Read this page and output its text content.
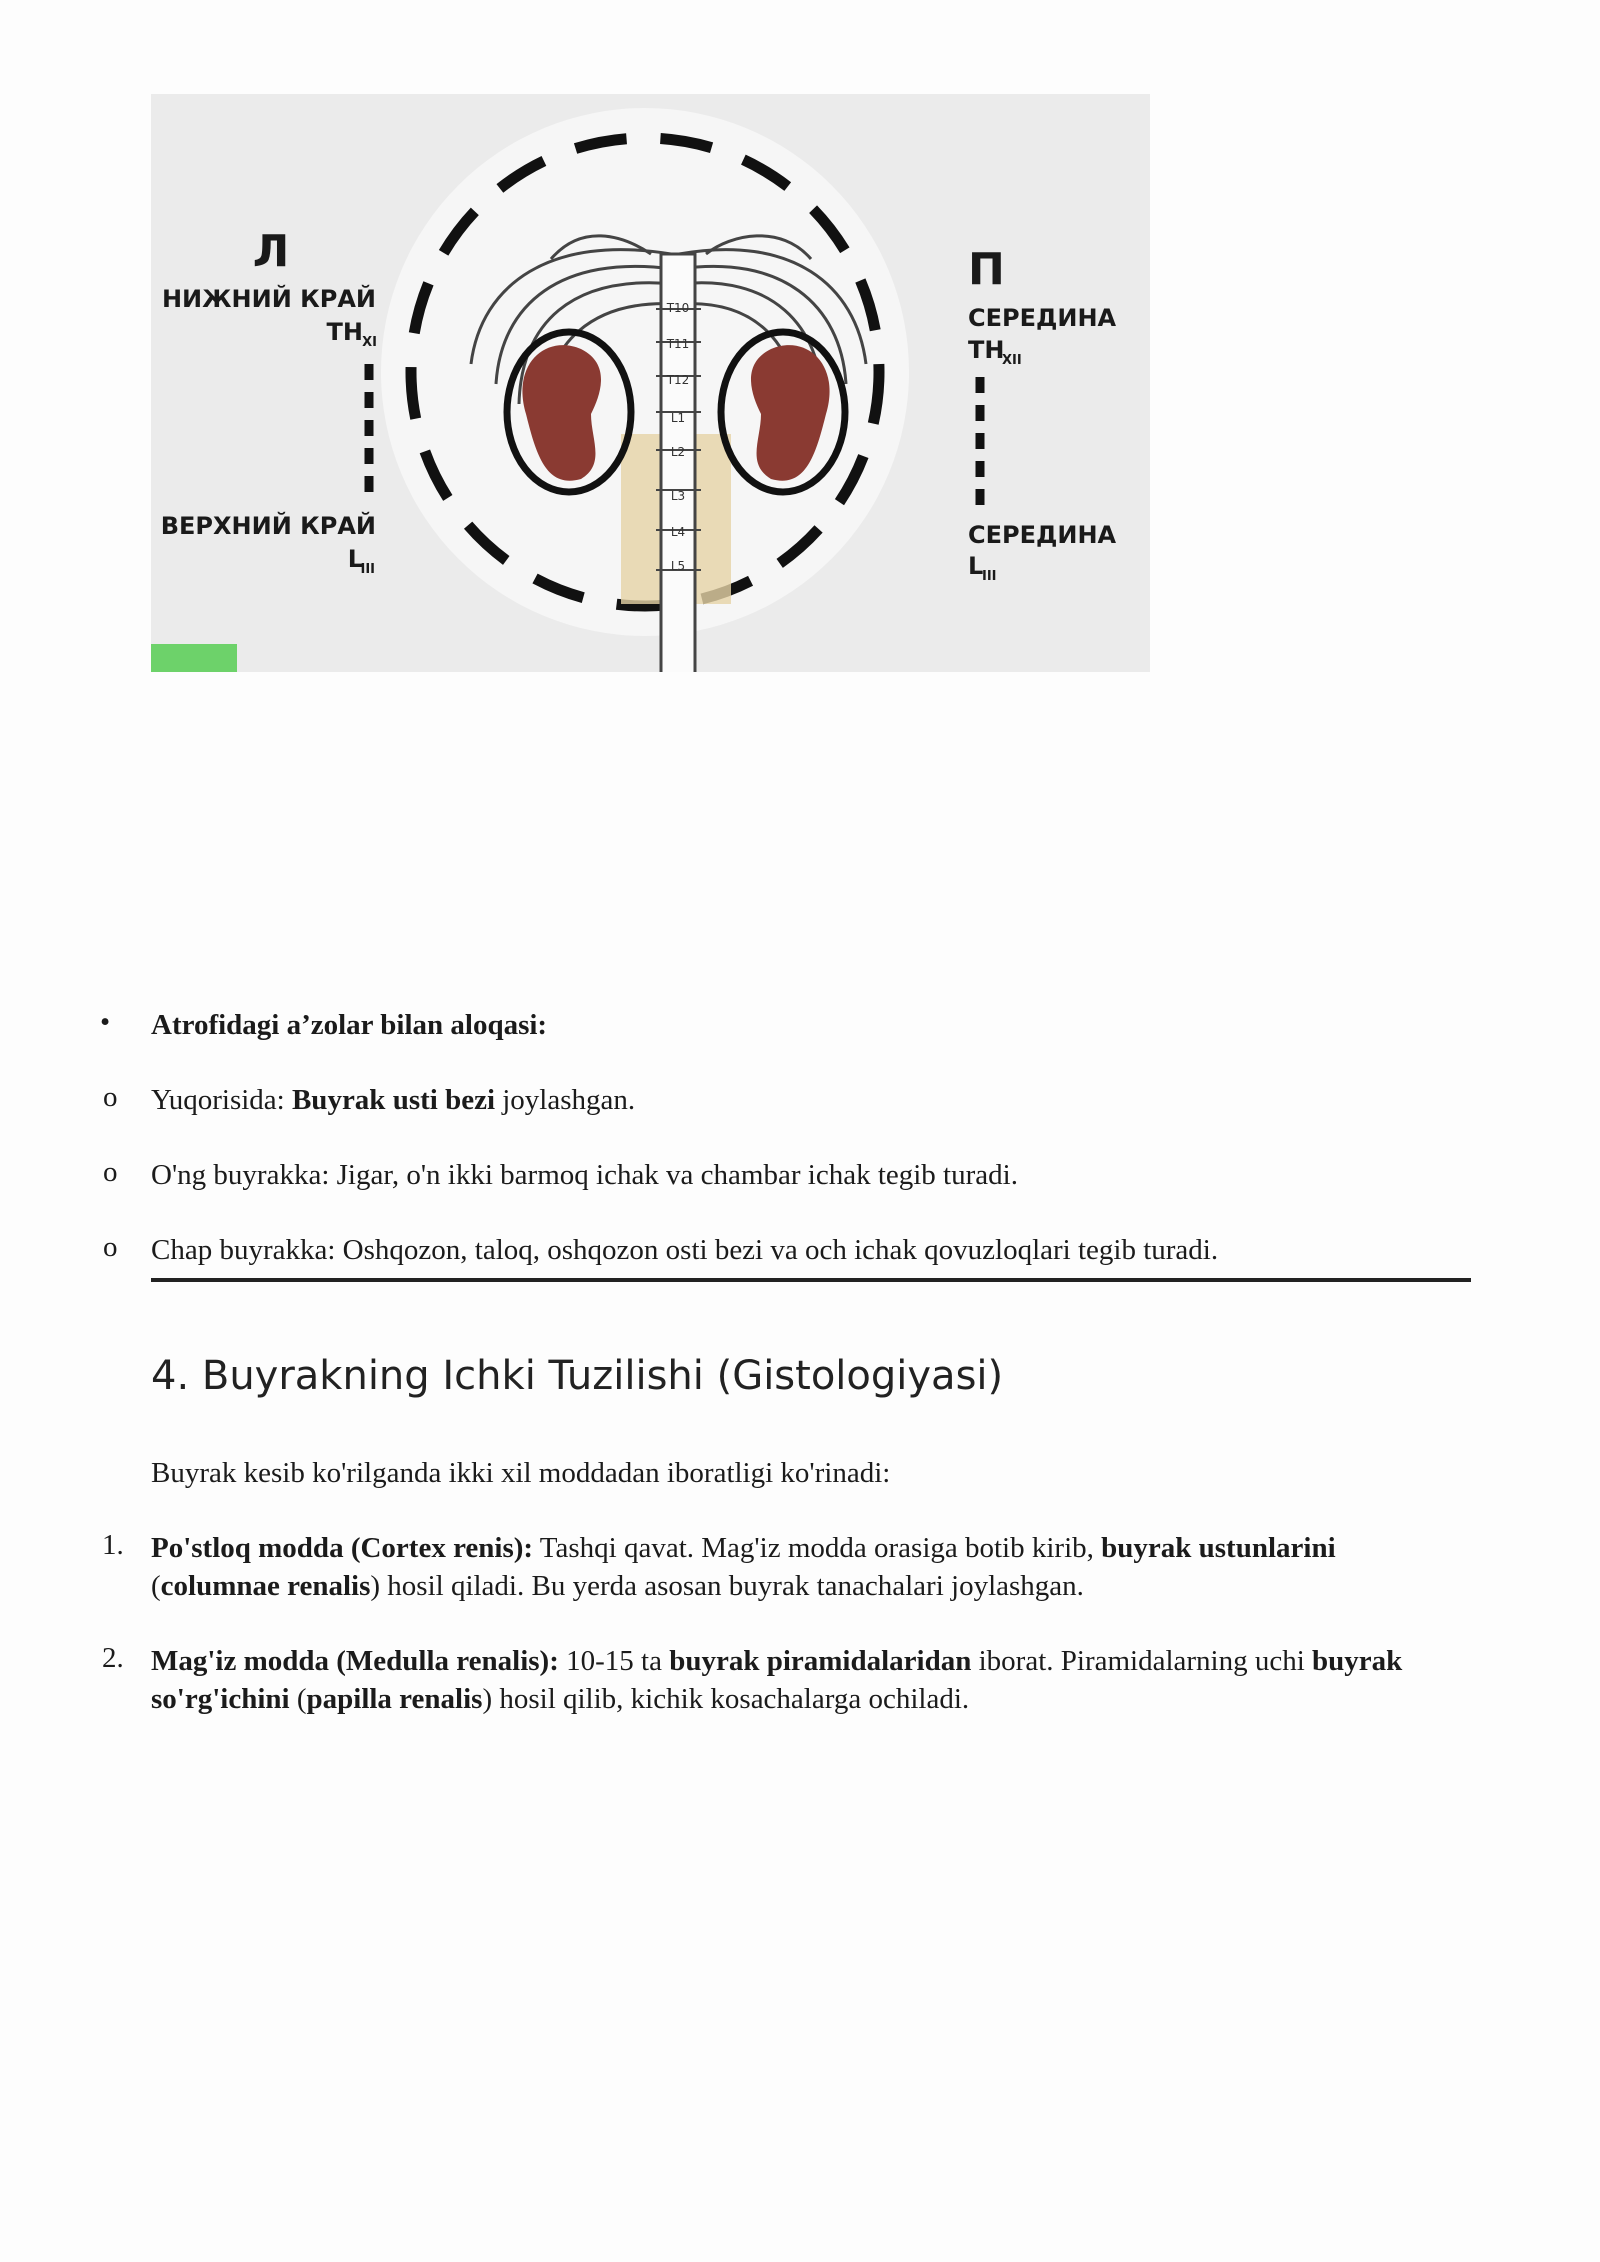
T10
T11
T12
L1
L2
L3
L4
L5
Л
НИЖНИЙ КРАЙ
TH XI
ВЕРХНИЙ КРАЙ
L
III
П
СЕРЕДИНА
TH
XII
СЕРЕДИНА
L
III
• Atrofidagi a’zolar bilan aloqasi:
o Yuqorisida: Buyrak usti bezi joylashgan.
o O'ng buyrakka: Jigar, o'n ikki barmoq ichak va chambar ichak tegib turadi.
o Chap buyrakka: Oshqozon, taloq, oshqozon osti bezi va och ichak qovuzloqlari tegib turadi.
4. Buyrakning Ichki Tuzilishi (Gistologiyasi)

Buyrak kesib ko'rilganda ikki xil moddadan iboratligi ko'rinadi:

1. Po'stloq modda (Cortex renis): Tashqi qavat. Mag'iz modda orasiga botib kirib, buyrak ustunlarini (columnae renalis) hosil qiladi. Bu yerda asosan buyrak tanachalari joylashgan.

2. Mag'iz modda (Medulla renalis): 10-15 ta buyrak piramidalaridan iborat. Piramidalarning uchi buyrak so'rg'ichini (papilla renalis) hosil qilib, kichik kosachalarga ochiladi.
